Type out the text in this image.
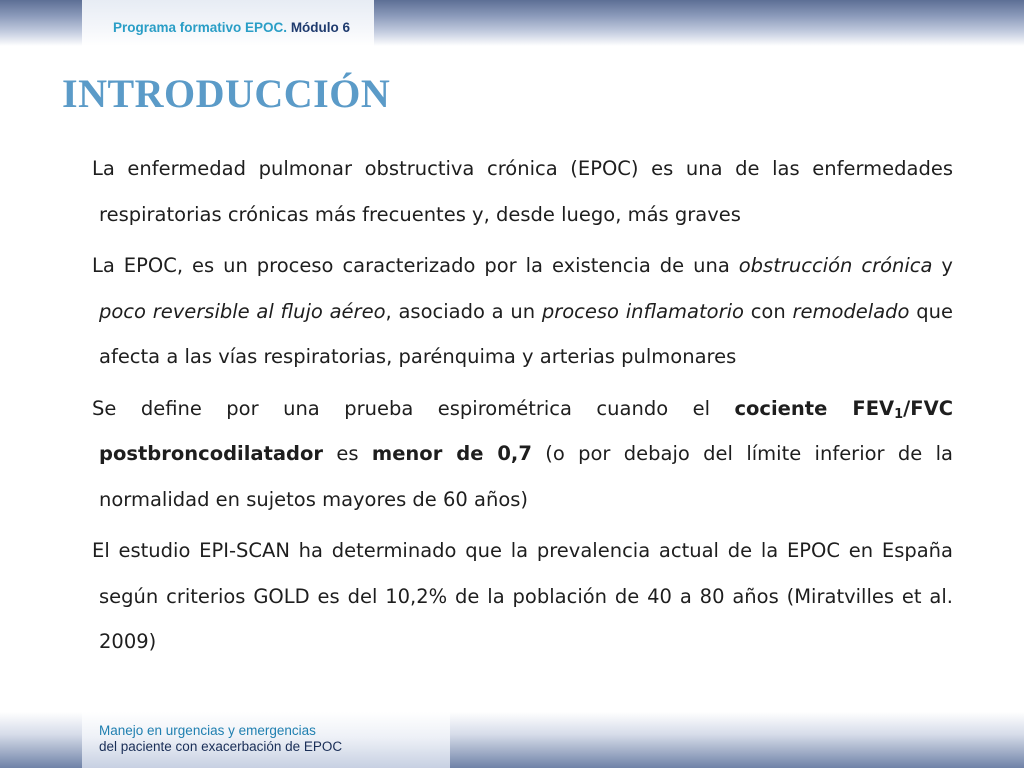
Programa formativo EPOC. Módulo 6
INTRODUCCIÓN

La enfermedad pulmonar obstructiva crónica (EPOC) es una de las enfermedades respiratorias crónicas más frecuentes y, desde luego, más graves

La EPOC, es un proceso caracterizado por la existencia de una obstrucción crónica y poco reversible al flujo aéreo, asociado a un proceso inflamatorio con remodelado que afecta a las vías respiratorias, parénquima y arterias pulmonares

Se define por una prueba espirométrica cuando el cociente $FEV_1$/FVC postbroncodilatador es menor de 0,7 (o por debajo del límite inferior de la normalidad en sujetos mayores de 60 años)

El estudio EPI-SCAN ha determinado que la prevalencia actual de la EPOC en España según criterios GOLD es del 10,2% de la población de 40 a 80 años (Miratvilles et al. 2009)

Manejo en urgencias y emergencias
del paciente con exacerbación de EPOC
